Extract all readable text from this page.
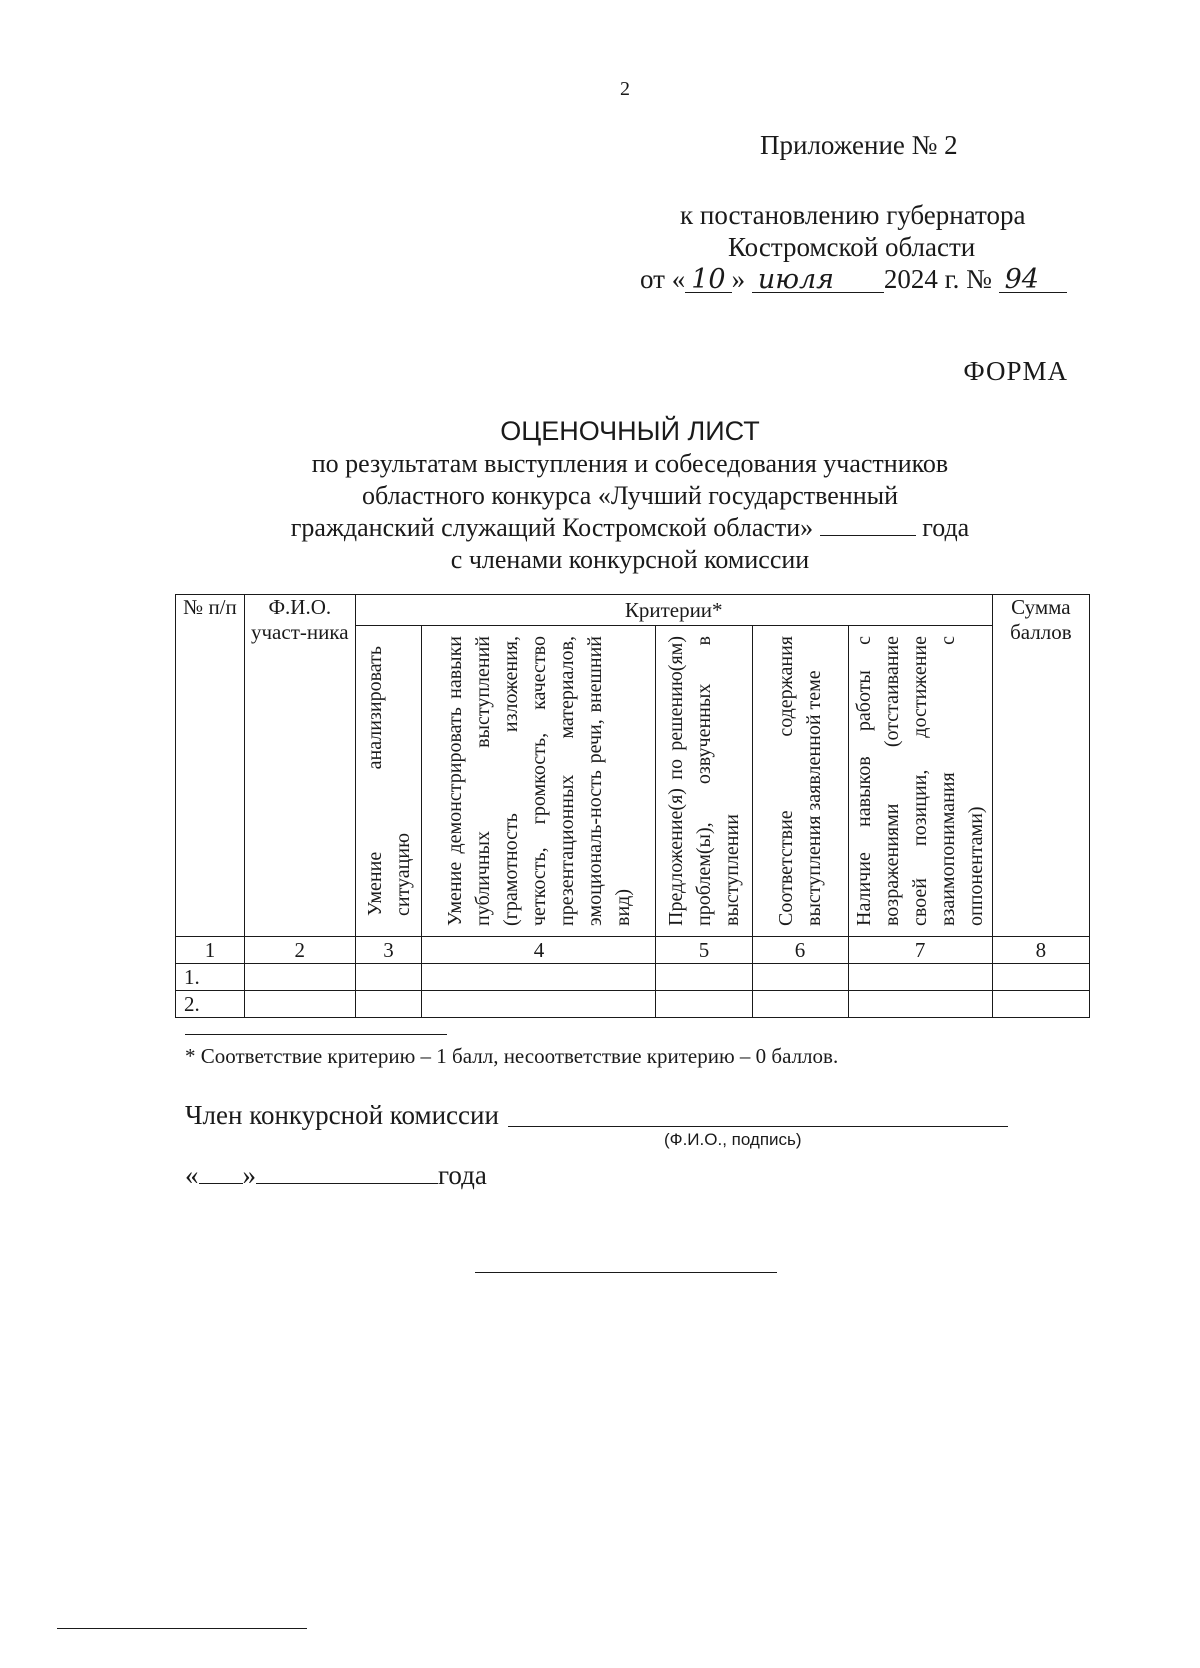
2
Приложение № 2
к постановлению губернатора
Костромской области
от « 10 » июля 2024 г. № 94
ФОРМА
ОЦЕНОЧНЫЙ ЛИСТ
по результатам выступления и собеседования участников
областного конкурса «Лучший государственный
гражданский служащий Костромской области»	года
с членами конкурсной комиссии
№ п/п	Ф.И.О. участ-ника	Критерии*					Сумма баллов

		Умение анализировать ситуацию	Умение демонстрировать навыки публичных выступлений (грамотность изложения, четкость, громкость, качество презентационных материалов, эмоциональ-ность речи, внешний вид)	Предложение(я) по решению(ям) проблем(ы), озвученных в выступлении	Соответствие содержания выступления заявленной теме	Наличие навыков работы с возражениями (отстаивание своей позиции, достижение взаимопонимания с оппонентами)	

1	2	3	4	5	6	7	8
1.							
2.							
* Соответствие критерию – 1 балл, несоответствие критерию – 0 баллов.
Член конкурсной комиссии
(Ф.И.О., подпись)
« »	года
